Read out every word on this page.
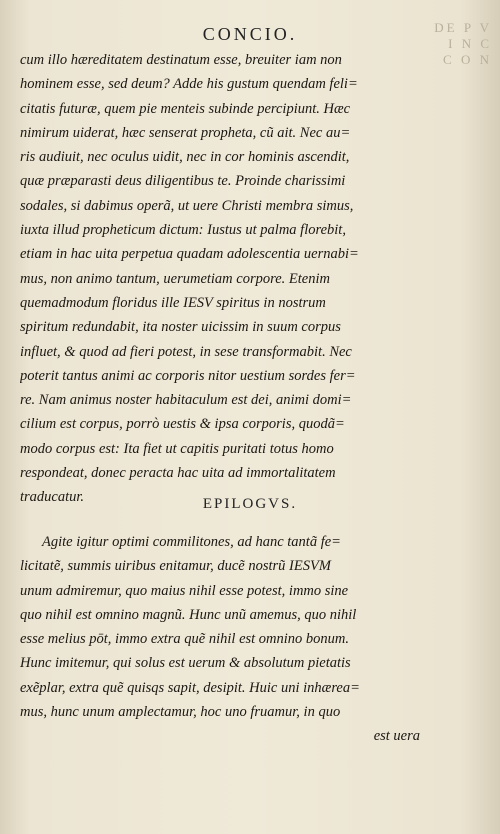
DE P V
I N C
C O N
CONCIO.
cum illo hæreditatem destinatum esse, breuiter iam non
hominem esse, sed deum? Adde his gustum quendam feli=
citatis futuræ, quem pie menteis subinde percipiunt. Hæc
nimirum uiderat, hæc senserat propheta, cũ ait. Nec au=
ris audiuit, nec oculus uidit, nec in cor hominis ascendit,
quæ præparasti deus diligentibus te. Proinde charissimi
sodales, si dabimus operã, ut uere Christi membra simus,
iuxta illud propheticum dictum: Iustus ut palma florebit,
etiam in hac uita perpetua quadam adolescentia uernabi=
mus, non animo tantum, uerumetiam corpore. Etenim
quemadmodum floridus ille IESV spiritus in nostrum
spiritum redundabit, ita noster uicissim in suum corpus
influet, & quod ad fieri potest, in sese transformabit. Nec
poterit tantus animi ac corporis nitor uestium sordes fer=
re. Nam animus noster habitaculum est dei, animi domi=
cilium est corpus, porrò uestis & ipsa corporis, quodã=
modo corpus est: Ita fiet ut capitis puritati totus homo
respondeat, donec peracta hac uita ad immortalitatem
traducatur.	EPILOGVS.
Agite igitur optimi commilitones, ad hanc tantã fe=
licitatẽ, summis uiribus enitamur, ducẽ nostrũ IESVM
unum admiremur, quo maius nihil esse potest, immo sine
quo nihil est omnino magnũ. Hunc unũ amemus, quo nihil
esse melius pōt, immo extra quẽ nihil est omnino bonum.
Hunc imitemur, qui solus est uerum & absolutum pietatis
exẽplar, extra quẽ quisqs sapit, desipit. Huic uni inhærea=
mus, hunc unum amplectamur, hoc uno fruamur, in quo
est uera
